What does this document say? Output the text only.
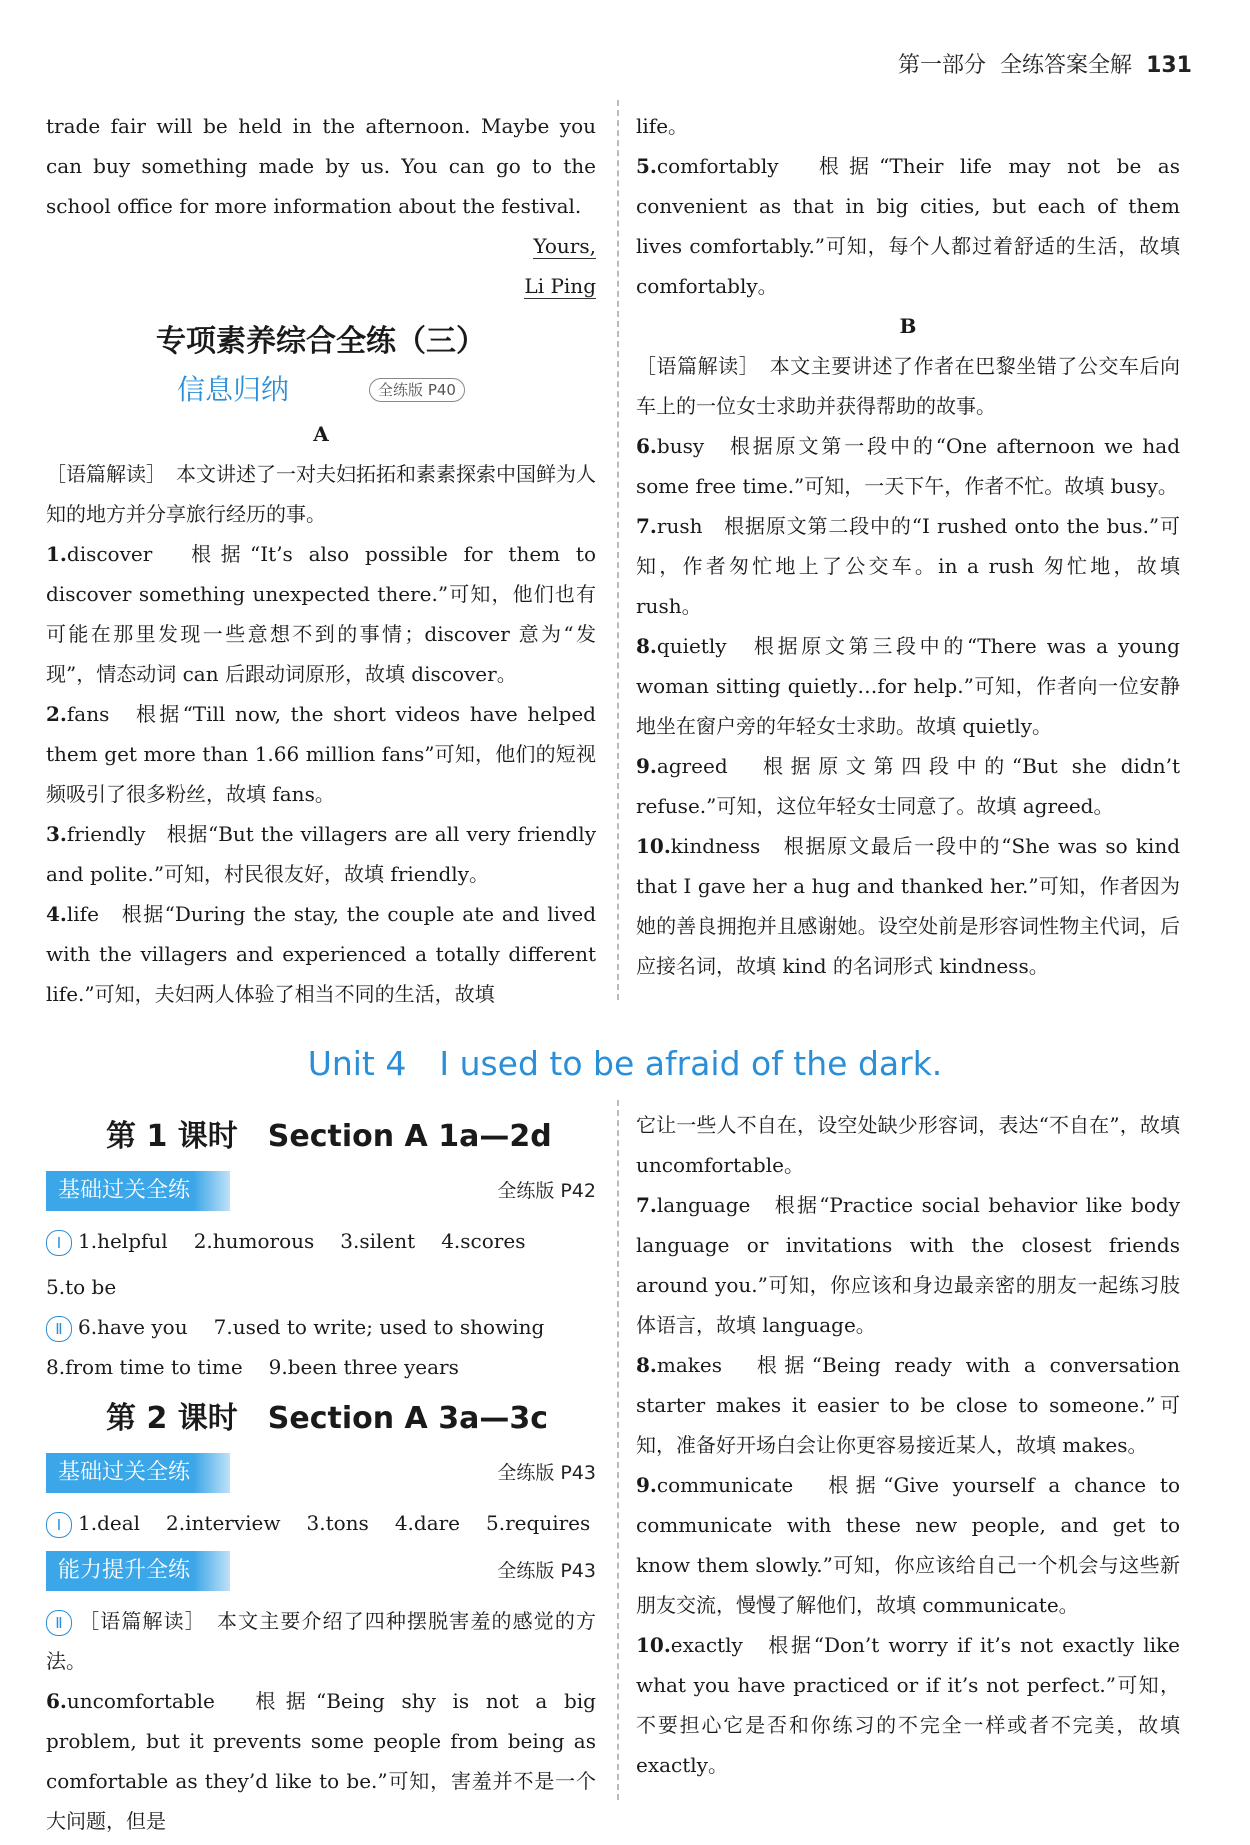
第一部分 全练答案全解 131

trade fair will be held in the afternoon. Maybe you can buy something made by us. You can go to the school office for more information about the festival.

Yours,

Li Ping

专项素养综合全练（三）
信息归纳	全练版 P40

A

［语篇解读］　本文讲述了一对夫妇拓拓和素素探索中国鲜为人知的地方并分享旅行经历的事。

1.discover　根据“It’s also possible for them to discover something unexpected there.”可知，他们也有可能在那里发现一些意想不到的事情；discover 意为“发现”，情态动词 can 后跟动词原形，故填 discover。

2.fans　根据“Till now, the short videos have helped them get more than 1.66 million fans”可知，他们的短视频吸引了很多粉丝，故填 fans。

3.friendly　根据“But the villagers are all very friendly and polite.”可知，村民很友好，故填 friendly。

4.life　根据“During the stay, the couple ate and lived with the villagers and experienced a totally different life.”可知，夫妇两人体验了相当不同的生活，故填

life。

5.comfortably　根据“Their life may not be as convenient as that in big cities, but each of them lives comfortably.”可知，每个人都过着舒适的生活，故填 comfortably。

B

［语篇解读］　本文主要讲述了作者在巴黎坐错了公交车后向车上的一位女士求助并获得帮助的故事。

6.busy　根据原文第一段中的“One afternoon we had some free time.”可知，一天下午，作者不忙。故填 busy。

7.rush　根据原文第二段中的“I rushed onto the bus.”可知，作者匆忙地上了公交车。in a rush 匆忙地，故填 rush。

8.quietly　根据原文第三段中的“There was a young woman sitting quietly…for help.”可知，作者向一位安静地坐在窗户旁的年轻女士求助。故填 quietly。

9.agreed　根据原文第四段中的“But she didn’t refuse.”可知，这位年轻女士同意了。故填 agreed。

10.kindness　根据原文最后一段中的“She was so kind that I gave her a hug and thanked her.”可知，作者因为她的善良拥抱并且感谢她。设空处前是形容词性物主代词，后应接名词，故填 kind 的名词形式 kindness。

Unit 4　I used to be afraid of the dark.
第 1 课时　Section A 1a—2d
基础过关全练	全练版 P42
Ⅰ 1.helpful 2.humorous 3.silent 4.scores
5.to be
Ⅱ 6.have you 7.used to write; used to showing
8.from time to time 9.been three years
第 2 课时　Section A 3a—3c
基础过关全练	全练版 P43
Ⅰ 1.deal 2.interview 3.tons 4.dare 5.requires
能力提升全练	全练版 P43

Ⅱ ［语篇解读］　本文主要介绍了四种摆脱害羞的感觉的方法。

6.uncomfortable　根据“Being shy is not a big problem, but it prevents some people from being as comfortable as they’d like to be.”可知，害羞并不是一个大问题，但是

它让一些人不自在，设空处缺少形容词，表达“不自在”，故填 uncomfortable。

7.language　根据“Practice social behavior like body language or invitations with the closest friends around you.”可知，你应该和身边最亲密的朋友一起练习肢体语言，故填 language。

8.makes　根据“Being ready with a conversation starter makes it easier to be close to someone.”可知，准备好开场白会让你更容易接近某人，故填 makes。

9.communicate　根据“Give yourself a chance to communicate with these new people, and get to know them slowly.”可知，你应该给自己一个机会与这些新朋友交流，慢慢了解他们，故填 communicate。

10.exactly　根据“Don’t worry if it’s not exactly like what you have practiced or if it’s not perfect.”可知，不要担心它是否和你练习的不完全一样或者不完美，故填 exactly。
